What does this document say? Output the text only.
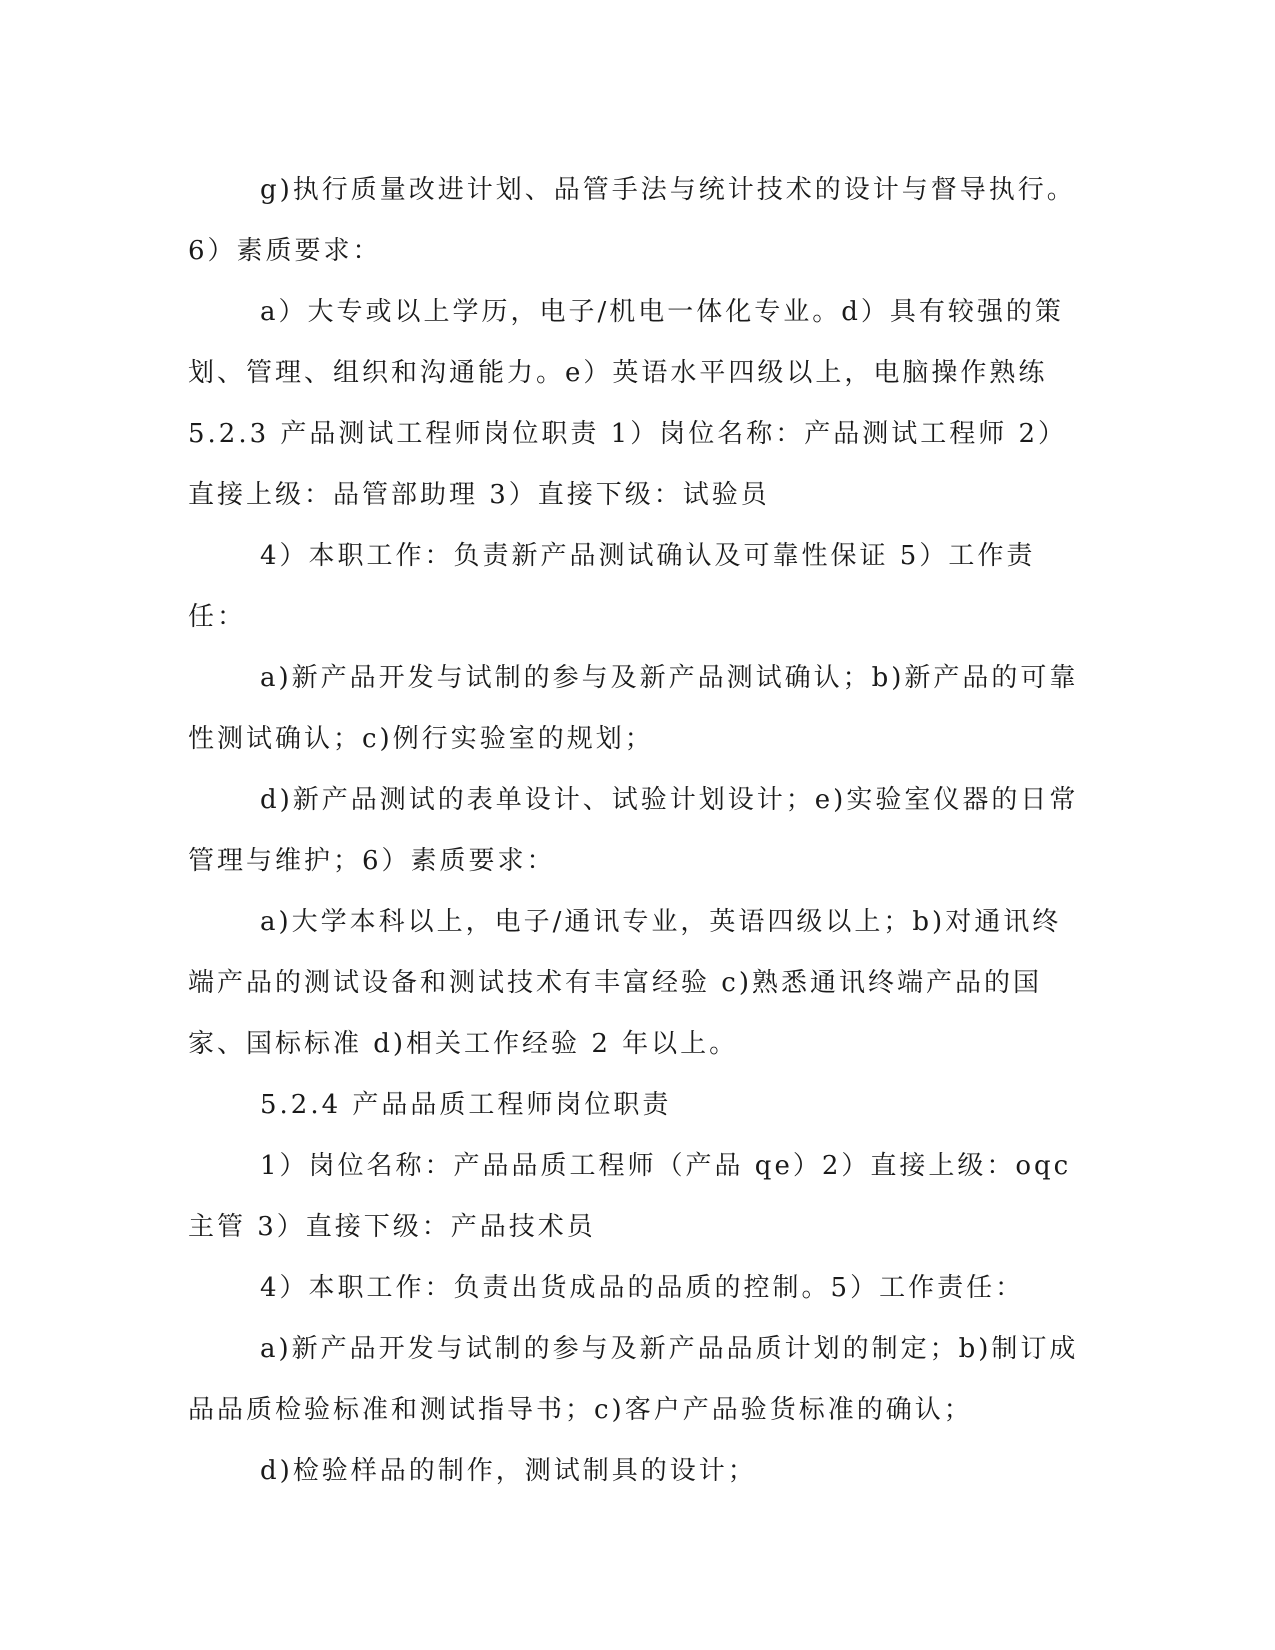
g)执行质量改进计划、品管手法与统计技术的设计与督导执行。

6）素质要求：

a）大专或以上学历，电子/机电一体化专业。d）具有较强的策划、管理、组织和沟通能力。e）英语水平四级以上，电脑操作熟练

5.2.3 产品测试工程师岗位职责 1）岗位名称：产品测试工程师 2）直接上级：品管部助理 3）直接下级：试验员

4）本职工作：负责新产品测试确认及可靠性保证 5）工作责任：

a)新产品开发与试制的参与及新产品测试确认；b)新产品的可靠性测试确认；c)例行实验室的规划；

d)新产品测试的表单设计、试验计划设计；e)实验室仪器的日常管理与维护；6）素质要求：

a)大学本科以上，电子/通讯专业，英语四级以上；b)对通讯终端产品的测试设备和测试技术有丰富经验 c)熟悉通讯终端产品的国家、国标标准 d)相关工作经验 2 年以上。

5.2.4 产品品质工程师岗位职责

1）岗位名称：产品品质工程师（产品 qe）2）直接上级：oqc 主管 3）直接下级：产品技术员

4）本职工作：负责出货成品的品质的控制。5）工作责任：

a)新产品开发与试制的参与及新产品品质计划的制定；b)制订成品品质检验标准和测试指导书；c)客户产品验货标准的确认；

d)检验样品的制作，测试制具的设计；
